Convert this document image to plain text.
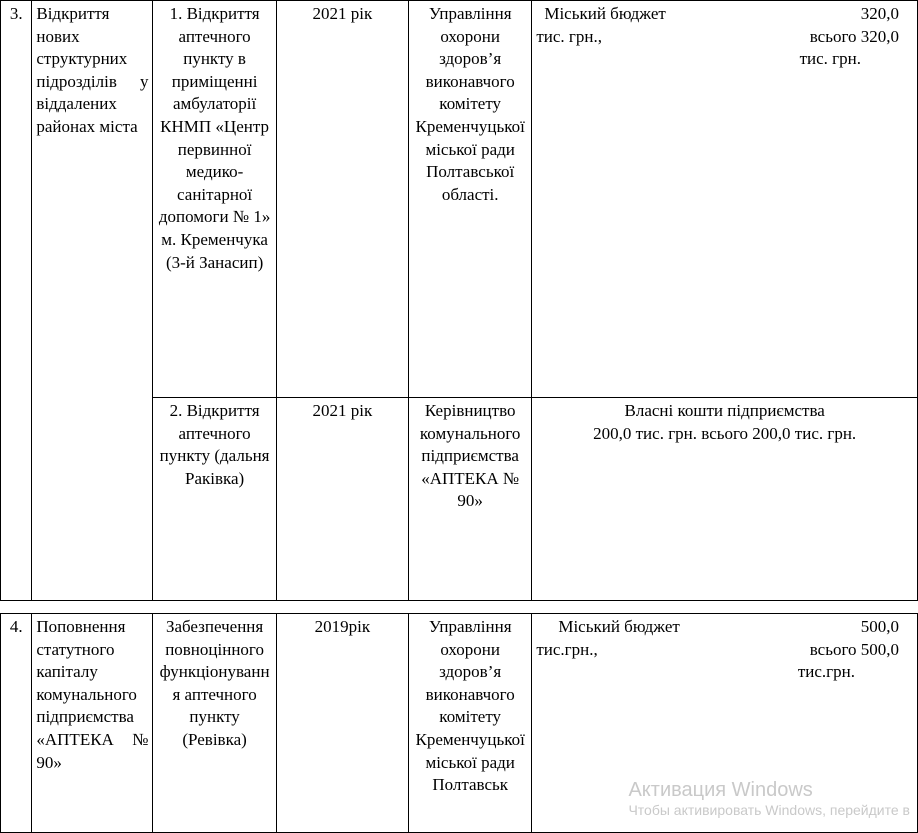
3.	Відкриття нових структурних підрозділів у віддалених районах міста	1. Відкриття аптечного пункту в приміщенні амбулаторії КНМП «Центр первинної медико-санітарної допомоги № 1» м. Кременчука (3-й Занасип)	2021 рік	Управління охорони здоров’я виконавчого комітету Кременчуцької міської ради Полтавської області.	Міський бюджет 320,0
тис. грн., всього 320,0
тис. грн.

		2. Відкриття аптечного пункту (дальня Раківка)	2021 рік	Керівництво комунального підприємства «АПТЕКА № 90»	Власні кошти підприємства
200,0 тис. грн. всього 200,0 тис. грн.

4.	Поповнення статутного капіталу комунального підприємства «АПТЕКА № 90»	Забезпечення повноцінного функціонування аптечного пункту (Ревівка)	2019рік	Управління охорони здоров’я виконавчого комітету Кременчуцької міської ради Полтавськ	Міський бюджет 500,0
тис.грн., всього 500,0
тис.грн.
Активация Windows
Чтобы активировать Windows, перейдите в
